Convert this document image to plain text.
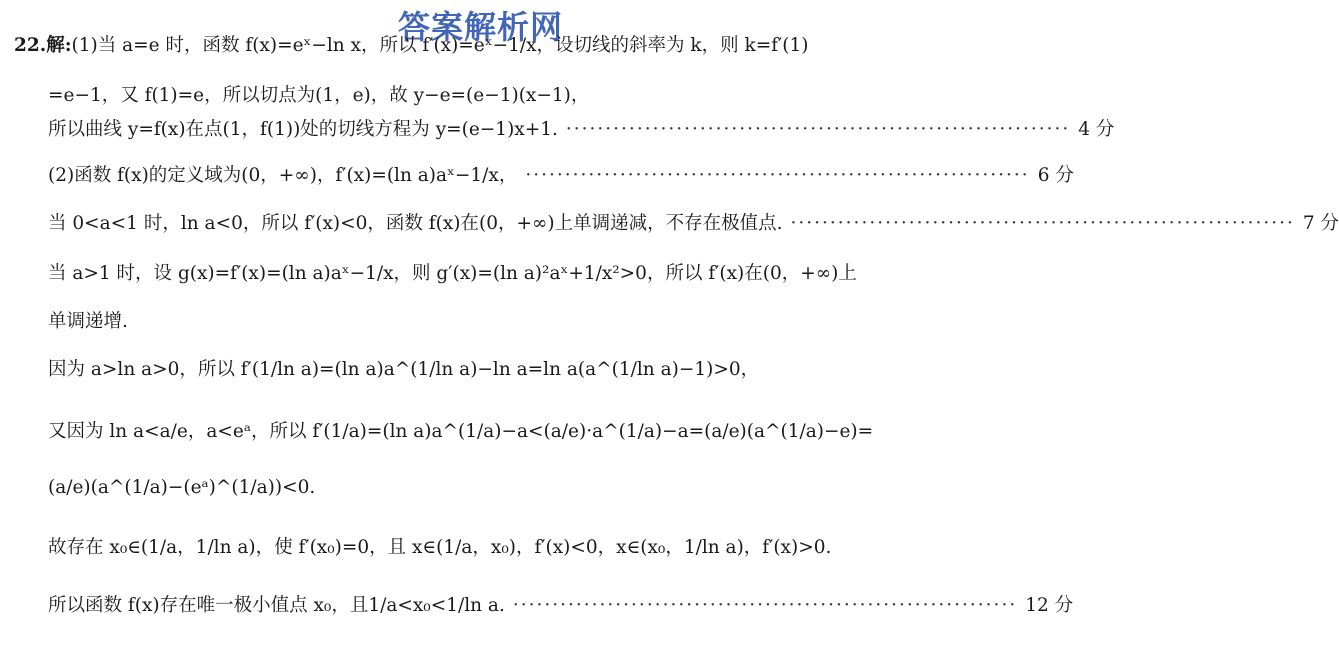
答案解析网
22.解:(1)当 a=e 时，函数 f(x)=eˣ−ln x，所以 f′(x)=eˣ−1/x，设切线的斜率为 k，则 k=f′(1)
=e−1，又 f(1)=e，所以切点为(1，e)，故 y−e=(e−1)(x−1)，
所以曲线 y=f(x)在点(1，f(1))处的切线方程为 y=(e−1)x+1. ································································ 4 分
(2)函数 f(x)的定义域为(0，+∞)，f′(x)=(ln a)aˣ−1/x， ································································ 6 分
当 0<a<1 时，ln a<0，所以 f′(x)<0，函数 f(x)在(0，+∞)上单调递减，不存在极值点. ································································ 7 分
当 a>1 时，设 g(x)=f′(x)=(ln a)aˣ−1/x，则 g′(x)=(ln a)²aˣ+1/x²>0，所以 f′(x)在(0，+∞)上
单调递增.
因为 a>ln a>0，所以 f′(1/ln a)=(ln a)a^(1/ln a)−ln a=ln a(a^(1/ln a)−1)>0，
又因为 ln a<a/e，a<eᵃ，所以 f′(1/a)=(ln a)a^(1/a)−a<(a/e)·a^(1/a)−a=(a/e)(a^(1/a)−e)=
(a/e)(a^(1/a)−(eᵃ)^(1/a))<0.
故存在 x₀∈(1/a，1/ln a)，使 f′(x₀)=0，且 x∈(1/a，x₀)，f′(x)<0，x∈(x₀，1/ln a)，f′(x)>0.
所以函数 f(x)存在唯一极小值点 x₀，且1/a<x₀<1/ln a. ································································ 12 分
